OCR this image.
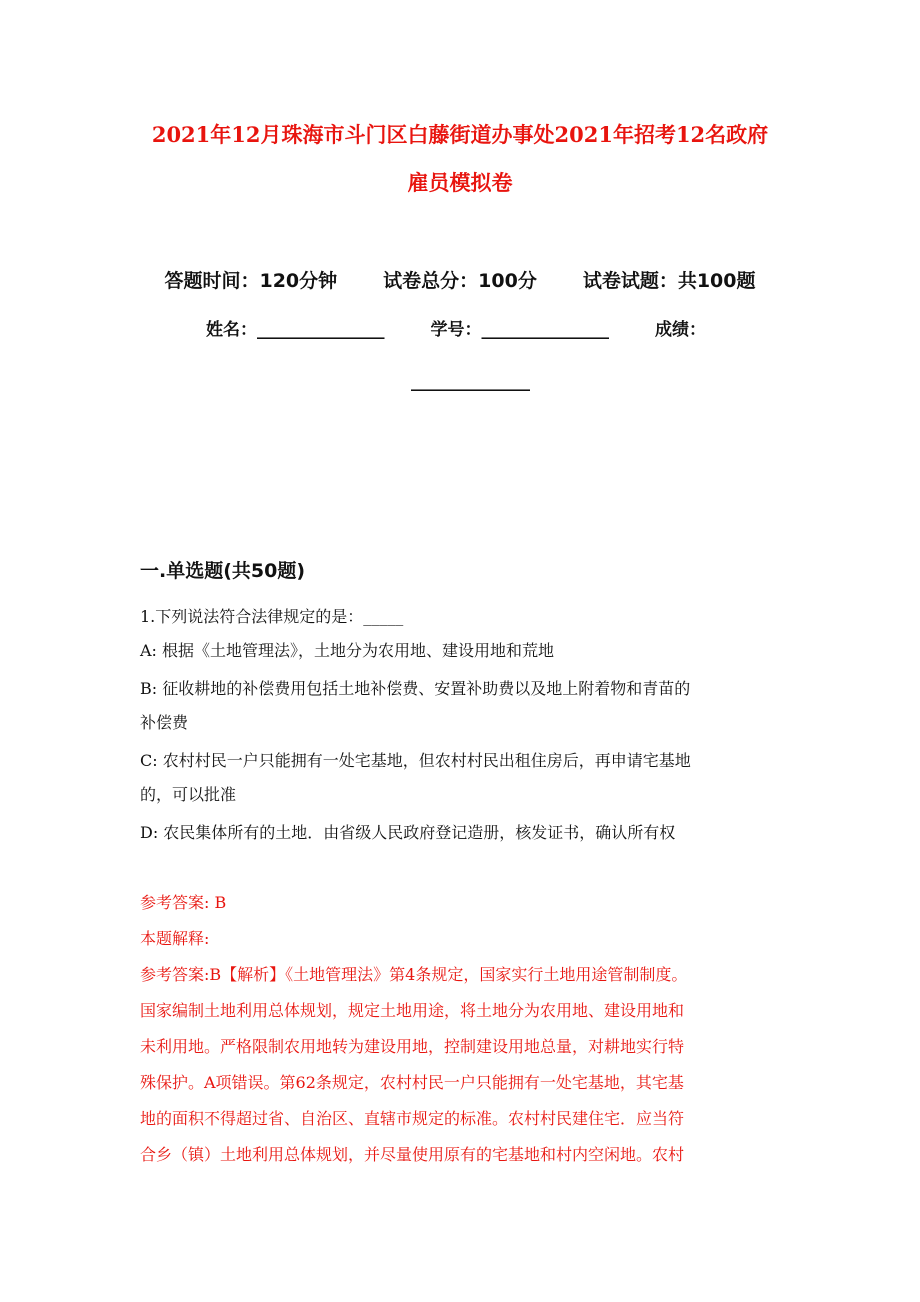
2021年12月珠海市斗门区白藤街道办事处2021年招考12名政府
雇员模拟卷
答题时间：120分钟 试卷总分：100分 试卷试题：共100题
姓名：_______________	学号：_______________	成绩：
______________
一.单选题(共50题)
1.下列说法符合法律规定的是：_____
A: 根据《土地管理法》，土地分为农用地、建设用地和荒地
B: 征收耕地的补偿费用包括土地补偿费、安置补助费以及地上附着物和青苗的
补偿费
C: 农村村民一户只能拥有一处宅基地，但农村村民出租住房后，再申请宅基地
的，可以批准
D: 农民集体所有的土地．由省级人民政府登记造册，核发证书，确认所有权
参考答案: B
本题解释:
参考答案:B【解析】《土地管理法》第4条规定，国家实行土地用途管制制度。
国家编制土地利用总体规划，规定土地用途，将土地分为农用地、建设用地和
未利用地。严格限制农用地转为建设用地，控制建设用地总量，对耕地实行特
殊保护。A项错误。第62条规定，农村村民一户只能拥有一处宅基地，其宅基
地的面积不得超过省、自治区、直辖市规定的标准。农村村民建住宅．应当符
合乡（镇）土地利用总体规划，并尽量使用原有的宅基地和村内空闲地。农村
